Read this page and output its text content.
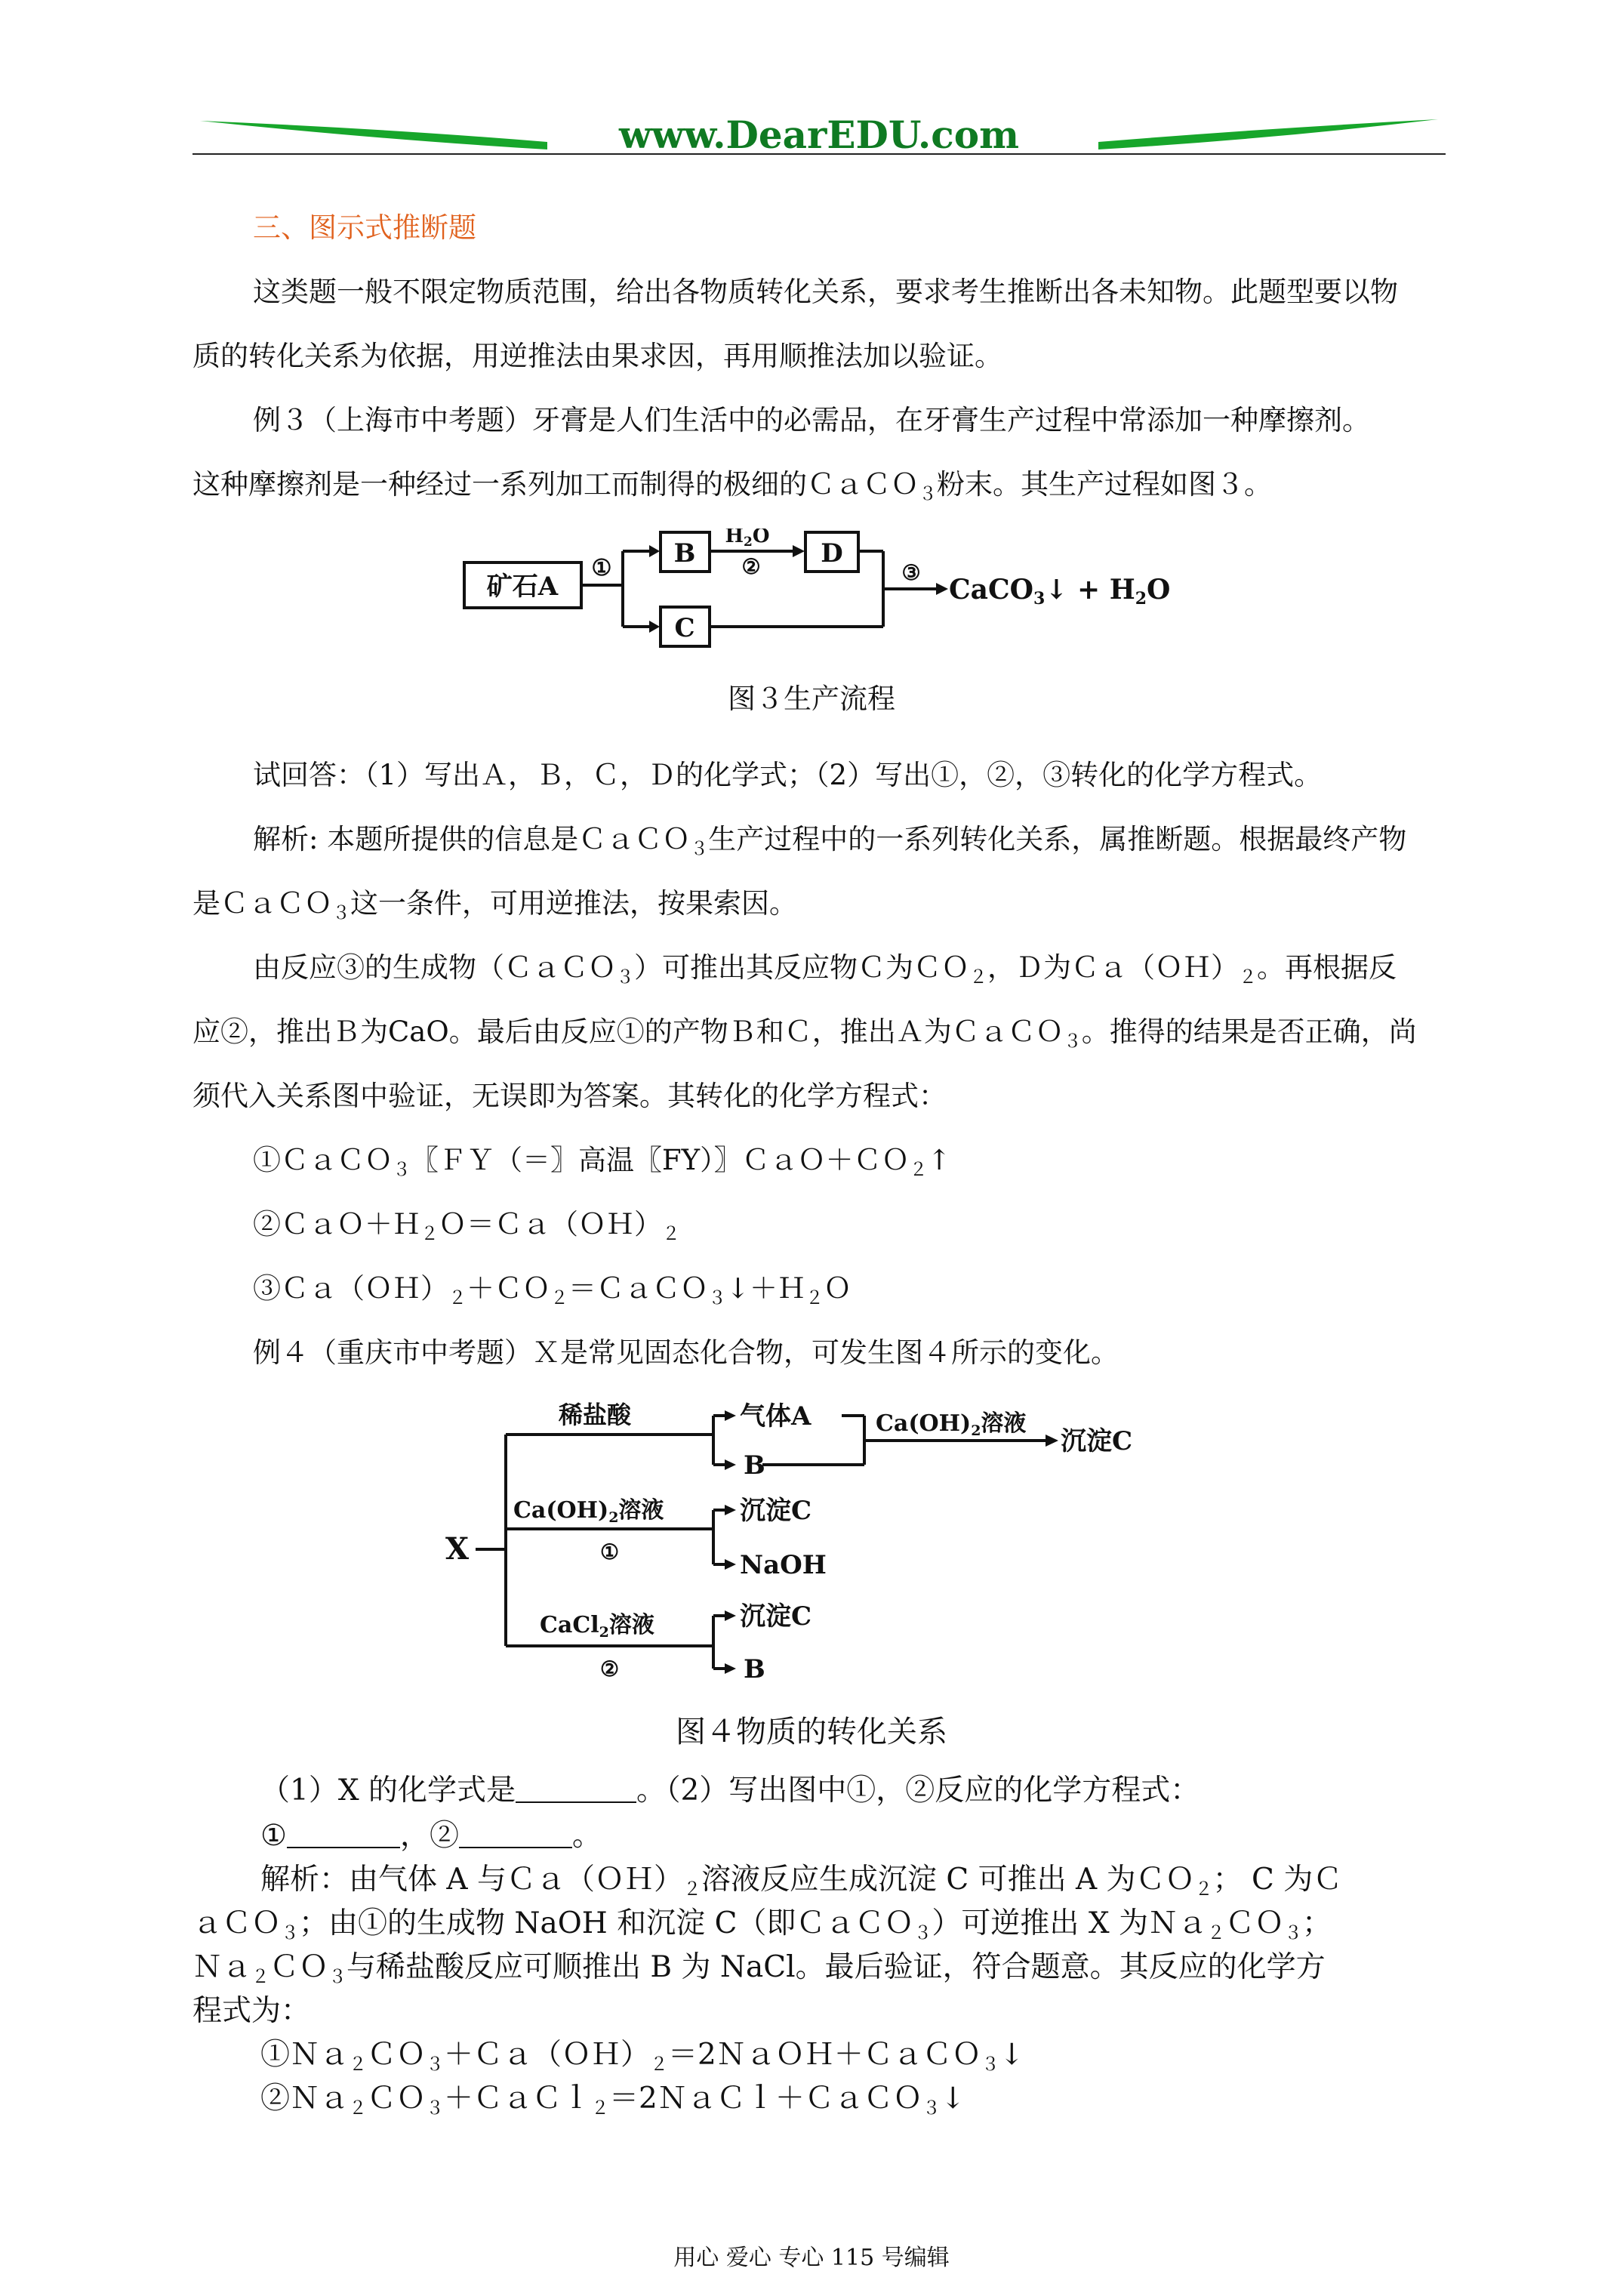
www.DearEDU.com
三、图示式推断题
这类题一般不限定物质范围，给出各物质转化关系，要求考生推断出各未知物。此题型要以物
质的转化关系为依据，用逆推法由果求因，再用顺推法加以验证。
例３（上海市中考题）牙膏是人们生活中的必需品，在牙膏生产过程中常添加一种摩擦剂。
这种摩擦剂是一种经过一系列加工而制得的极细的ＣａＣＯ$_3$粉末。其生产过程如图３。
矿石A
① B
C
H2O
② D
③
CaCO3↓ + H2O
图３生产流程
试回答：（1）写出Ａ，Ｂ，Ｃ，Ｄ的化学式；（2）写出①，②，③转化的化学方程式。
解析: 本题所提供的信息是ＣａＣＯ$_3$生产过程中的一系列转化关系，属推断题。根据最终产物
是ＣａＣＯ$_3$这一条件，可用逆推法，按果索因。
由反应③的生成物（ＣａＣＯ$_3$）可推出其反应物Ｃ为ＣＯ$_2$，Ｄ为$Ca(OH)_2$。再根据反
应②，推出Ｂ为CaO。最后由反应①的产物Ｂ和Ｃ，推出Ａ为ＣａＣＯ$_3$。推得的结果是否正确，尚
须代入关系图中验证，无误即为答案。其转化的化学方程式：
①ＣａＣＯ$_3$〖ＦＹ（＝〗高温〖FY）〗ＣａＯ＋ＣＯ$_2$↑
$②CaO+H_2O=Ca(OH)_2$
$③Ca(OH)_2+CO_2=CaCO_3↓+H_2O$
例４（重庆市中考题）Ｘ是常见固态化合物，可发生图４所示的变化。
X
稀盐酸	气体A
B
$Ca(OH)_2$溶液
沉淀C
$Ca(OH)_2$溶液
①
沉淀C
NaOH
CaCl$_2$溶液
②
沉淀C
B
图４物质的转化关系
（1）X 的化学式是	。（2）写出图中①，②反应的化学方程式：
①	，②	。
解析：由气体 A 与$Ca(OH)_2$溶液反应生成沉淀 C 可推出 A 为ＣＯ$_2$； C 为Ｃ
ａＣＯ$_3$；由①的生成物 NaOH 和沉淀 C（即ＣａＣＯ$_3$）可逆推出 X 为Ｎａ$_2$ＣＯ$_3$；
Ｎａ$_2$ＣＯ$_3$与稀盐酸反应可顺推出 B 为 NaCl。最后验证，符合题意。其反应的化学方
程式为：
$①Na_2CO_3+Ca(OH)_2=2NaOH+CaCO_3↓$
②Ｎａ$_2$ＣＯ$_3$＋ＣａＣｌ$_2$＝2ＮａＣｌ＋ＣａＣＯ$_3$↓
用心 爱心 专心 115 号编辑
